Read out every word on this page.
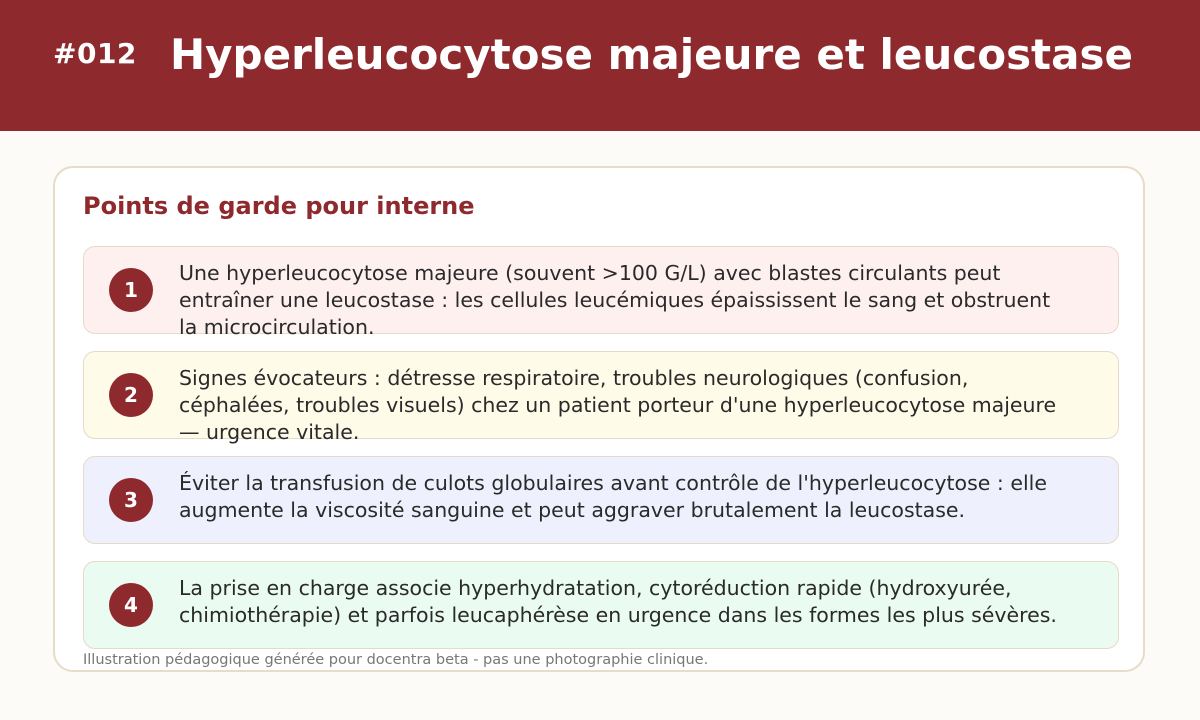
#012 Hyperleucocytose majeure et leucostase
Points de garde pour interne
1
Une hyperleucocytose majeure (souvent >100 G/L) avec blastes circulants peut entraîner une leucostase : les cellules leucémiques épaississent le sang et obstruent la microcirculation.
2
Signes évocateurs : détresse respiratoire, troubles neurologiques (confusion, céphalées, troubles visuels) chez un patient porteur d'une hyperleucocytose majeure — urgence vitale.
3
Éviter la transfusion de culots globulaires avant contrôle de l'hyperleucocytose : elle augmente la viscosité sanguine et peut aggraver brutalement la leucostase.
4
La prise en charge associe hyperhydratation, cytoréduction rapide (hydroxyurée, chimiothérapie) et parfois leucaphérèse en urgence dans les formes les plus sévères.
Illustration pédagogique générée pour docentra beta - pas une photographie clinique.
